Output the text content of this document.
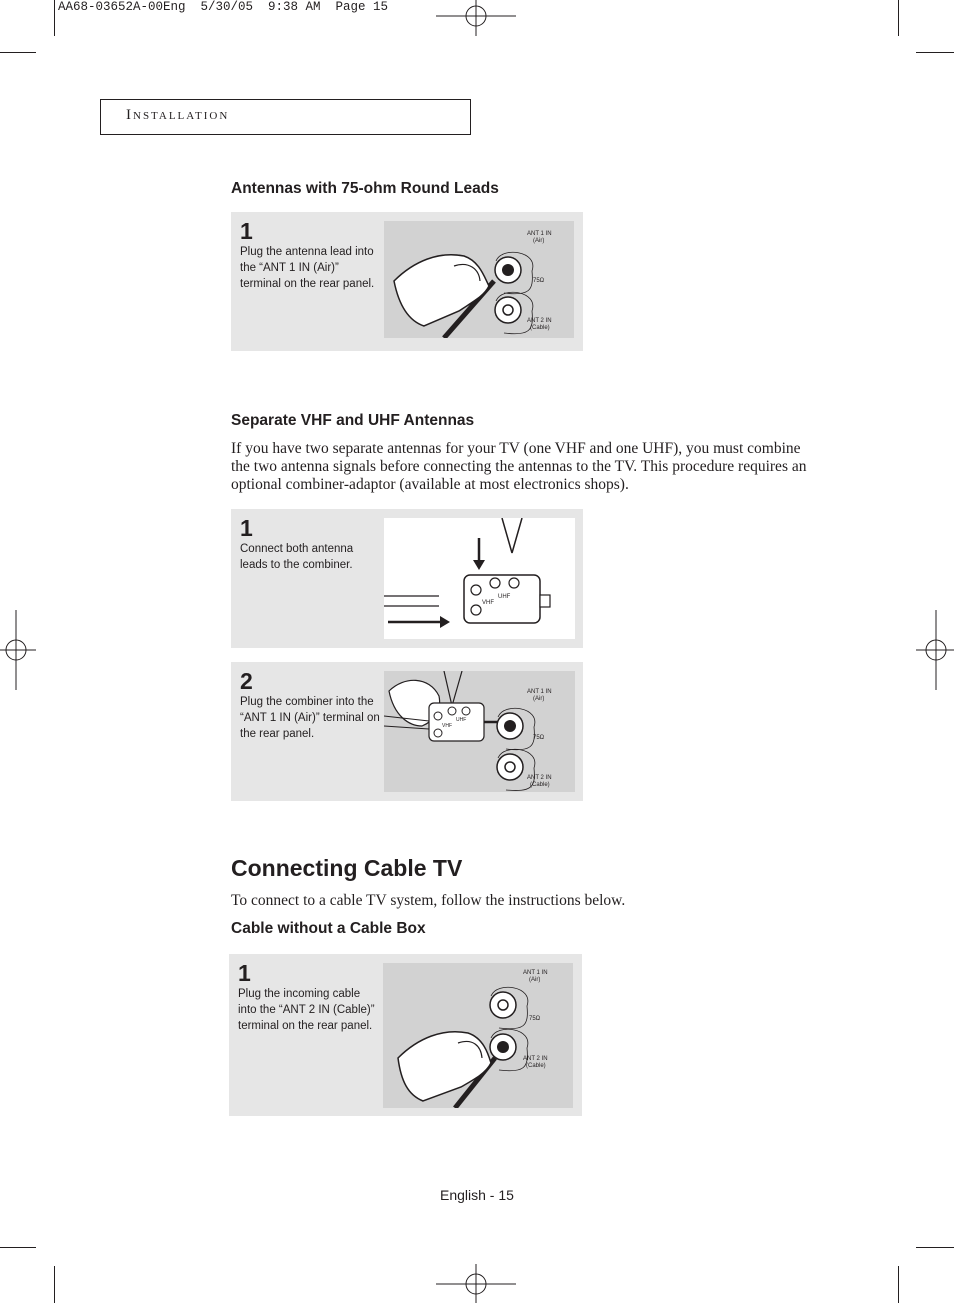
AA68-03652A-00Eng  5/30/05  9:38 AM  Page 15
Installation
Antennas with 75-ohm Round Leads
1
Plug the antenna lead into the “ANT 1 IN (Air)” terminal on the rear panel.
ANT 1 IN
(Air)
75Ω
ANT 2 IN
(Cable)
Separate VHF and UHF Antennas
If you have two separate antennas for your TV (one VHF and one UHF), you must combine the two antenna signals before connecting the antennas to the TV. This procedure requires an optional combiner-adaptor (available at most electronics shops).
1
Connect both antenna leads to the combiner.
UHF
VHF
2
Plug the combiner into the “ANT 1 IN (Air)” terminal on the rear panel.
UHF
VHF
ANT 1 IN
(Air)
75Ω
ANT 2 IN
(Cable)
Connecting Cable TV
To connect to a cable TV system, follow the instructions below.
Cable without a Cable Box
1
Plug the incoming cable into the “ANT 2 IN (Cable)” terminal on the rear panel.
ANT 1 IN
(Air)
75Ω
ANT 2 IN
(Cable)
English - 15
